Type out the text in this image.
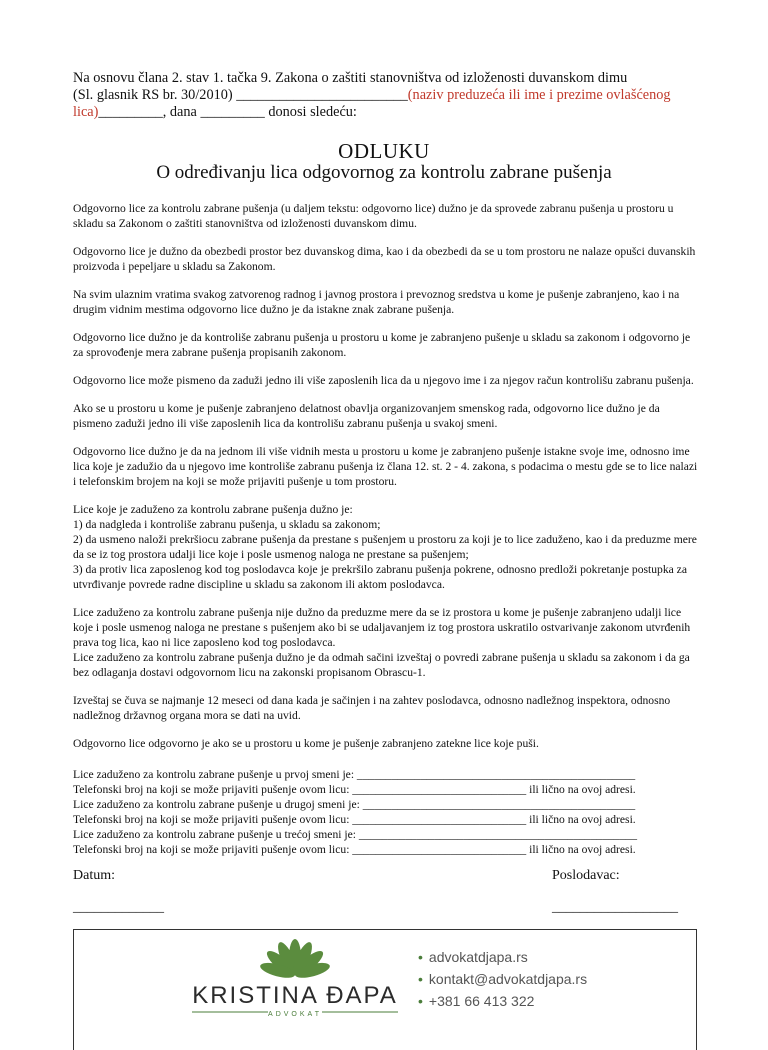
Na osnovu člana 2. stav 1. tačka 9. Zakona o zaštiti stanovništva od izloženosti duvanskom dimu
(Sl. glasnik RS br. 30/2010) ________________________(naziv preduzeća ili ime i prezime ovlašćenog lica)_________, dana _________ donosi sledeću:
ODLUKU
O određivanju lica odgovornog za kontrolu zabrane pušenja

Odgovorno lice za kontrolu zabrane pušenja (u daljem tekstu: odgovorno lice) dužno je da sprovede zabranu pušenja u prostoru u skladu sa Zakonom o zaštiti stanovništva od izloženosti duvanskom dimu.

Odgovorno lice je dužno da obezbedi prostor bez duvanskog dima, kao i da obezbedi da se u tom prostoru ne nalaze opušci duvanskih proizvoda i pepeljare u skladu sa Zakonom.

Na svim ulaznim vratima svakog zatvorenog radnog i javnog prostora i prevoznog sredstva u kome je pušenje zabranjeno, kao i na drugim vidnim mestima odgovorno lice dužno je da istakne znak zabrane pušenja.

Odgovorno lice dužno je da kontroliše zabranu pušenja u prostoru u kome je zabranjeno pušenje u skladu sa zakonom i odgovorno je za sprovođenje mera zabrane pušenja propisanih zakonom.

Odgovorno lice može pismeno da zaduži jedno ili više zaposlenih lica da u njegovo ime i za njegov račun kontrolišu zabranu pušenja.

Ako se u prostoru u kome je pušenje zabranjeno delatnost obavlja organizovanjem smenskog rada, odgovorno lice dužno je da pismeno zaduži jedno ili više zaposlenih lica da kontrolišu zabranu pušenja u svakoj smeni.

Odgovorno lice dužno je da na jednom ili više vidnih mesta u prostoru u kome je zabranjeno pušenje istakne svoje ime, odnosno ime lica koje je zadužio da u njegovo ime kontroliše zabranu pušenja iz člana 12. st. 2 - 4. zakona, s podacima o mestu gde se to lice nalazi i telefonskim brojem na koji se može prijaviti pušenje u tom prostoru.

Lice koje je zaduženo za kontrolu zabrane pušenja dužno je:
1) da nadgleda i kontroliše zabranu pušenja, u skladu sa zakonom;
2) da usmeno naloži prekršiocu zabrane pušenja da prestane s pušenjem u prostoru za koji je to lice zaduženo, kao i da preduzme mere da se iz tog prostora udalji lice koje i posle usmenog naloga ne prestane sa pušenjem;
3) da protiv lica zaposlenog kod tog poslodavca koje je prekršilo zabranu pušenja pokrene, odnosno predloži pokretanje postupka za utvrđivanje povrede radne discipline u skladu sa zakonom ili aktom poslodavca.

Lice zaduženo za kontrolu zabrane pušenja nije dužno da preduzme mere da se iz prostora u kome je pušenje zabranjeno udalji lice koje i posle usmenog naloga ne prestane s pušenjem ako bi se udaljavanjem iz tog prostora uskratilo ostvarivanje zakonom utvrđenih prava tog lica, kao ni lice zaposleno kod tog poslodavca.
Lice zaduženo za kontrolu zabrane pušenja dužno je da odmah sačini izveštaj o povredi zabrane pušenja u skladu sa zakonom i da ga bez odlaganja dostavi odgovornom licu na zakonski propisanom Obrascu-1.

Izveštaj se čuva se najmanje 12 meseci od dana kada je sačinjen i na zahtev poslodavca, odnosno nadležnog inspektora, odnosno nadležnog državnog organa mora se dati na uvid.

Odgovorno lice odgovorno je ako se u prostoru u kome je pušenje zabranjeno zatekne lice koje puši.

Lice zaduženo za kontrolu zabrane pušenje u prvoj smeni je: ________________________________________________
Telefonski broj na koji se može prijaviti pušenje ovom licu: ______________________________ ili lično na ovoj adresi.
Lice zaduženo za kontrolu zabrane pušenje u drugoj smeni je: _______________________________________________
Telefonski broj na koji se može prijaviti pušenje ovom licu: ______________________________ ili lično na ovoj adresi.
Lice zaduženo za kontrolu zabrane pušenje u trećoj smeni je: ________________________________________________
Telefonski broj na koji se može prijaviti pušenje ovom licu: ______________________________ ili lično na ovoj adresi.
Datum:	Poslodavac:
_____________	__________________
KRISTINA ĐAPA
ADVOKAT
• advokatdjapa.rs
• kontakt@advokatdjapa.rs
• +381 66 413 322
